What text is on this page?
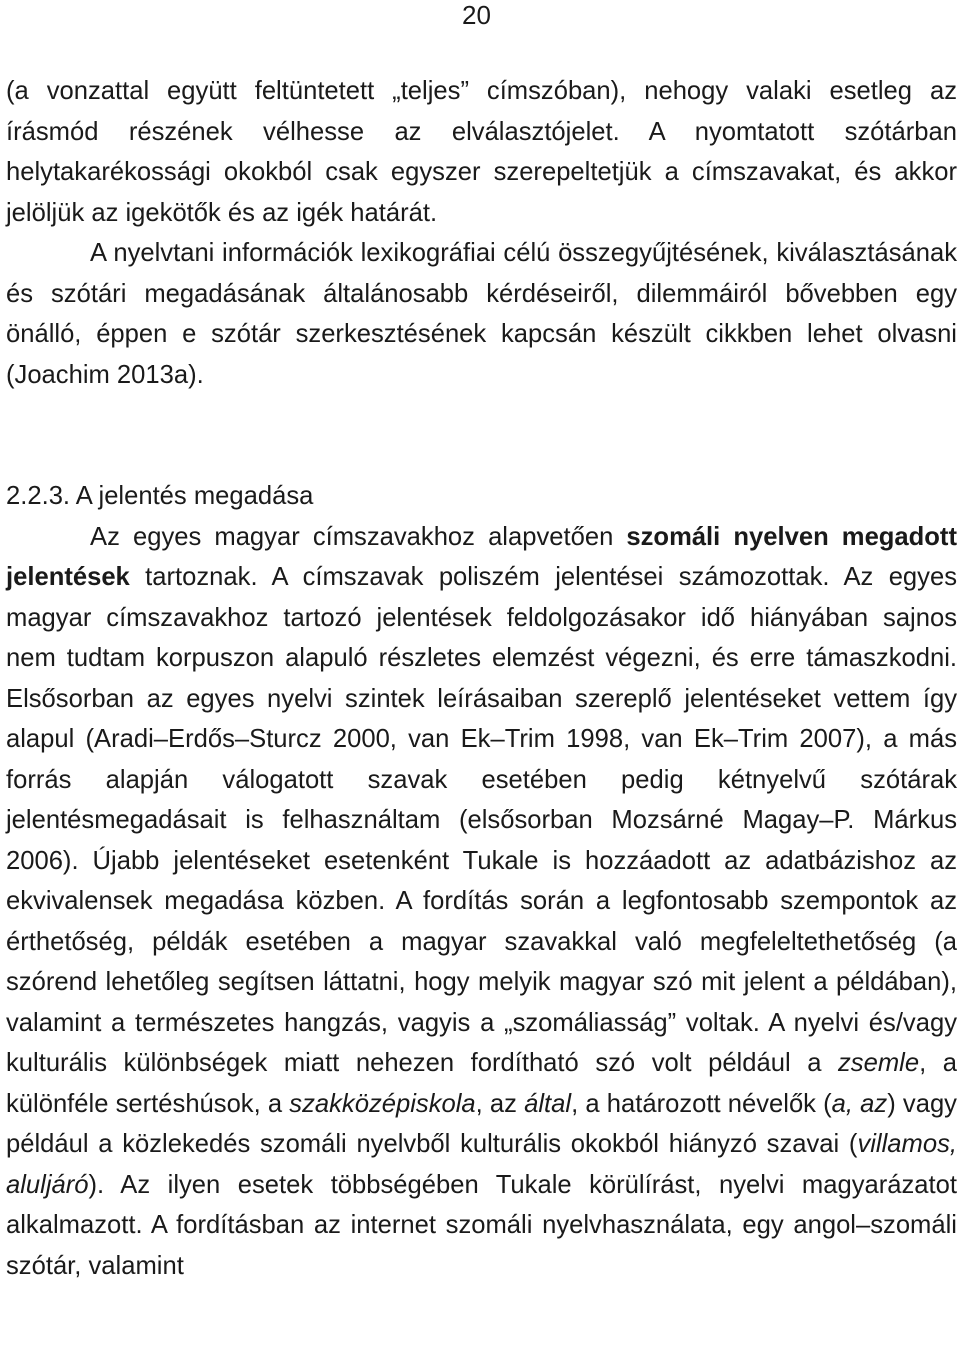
20

(a vonzattal együtt feltüntetett „teljes” címszóban), nehogy valaki esetleg az írásmód részének vélhesse az elválasztójelet. A nyomtatott szótárban helytakarékossági okokból csak egyszer szerepeltetjük a címszavakat, és akkor jelöljük az igekötők és az igék határát.

A nyelvtani információk lexikográfiai célú összegyűjtésének, kiválasztásának és szótári megadásának általánosabb kérdéseiről, dilemmáiról bővebben egy önálló, éppen e szótár szerkesztésének kapcsán készült cikkben lehet olvasni (Joachim 2013a).

2.2.3. A jelentés megadása

Az egyes magyar címszavakhoz alapvetően szomáli nyelven megadott jelentések tartoznak. A címszavak poliszém jelentései számozottak. Az egyes magyar címszavakhoz tartozó jelentések feldolgozásakor idő hiányában sajnos nem tudtam korpuszon alapuló részletes elemzést végezni, és erre támaszkodni. Elsősorban az egyes nyelvi szintek leírásaiban szereplő jelentéseket vettem így alapul (Aradi–Erdős–Sturcz 2000, van Ek–Trim 1998, van Ek–Trim 2007), a más forrás alapján válogatott szavak esetében pedig kétnyelvű szótárak jelentésmegadásait is felhasználtam (elsősorban Mozsárné Magay–P. Márkus 2006). Újabb jelentéseket esetenként Tukale is hozzáadott az adatbázishoz az ekvivalensek megadása közben. A fordítás során a legfontosabb szempontok az érthetőség, példák esetében a magyar szavakkal való megfeleltethetőség (a szórend lehetőleg segítsen láttatni, hogy melyik magyar szó mit jelent a példában), valamint a természetes hangzás, vagyis a „szomáliasság” voltak. A nyelvi és/vagy kulturális különbségek miatt nehezen fordítható szó volt például a zsemle, a különféle sertéshúsok, a szakközépiskola, az által, a határozott névelők (a, az) vagy például a közlekedés szomáli nyelvből kulturális okokból hiányzó szavai (villamos, aluljáró). Az ilyen esetek többségében Tukale körülírást, nyelvi magyarázatot alkalmazott. A fordításban az internet szomáli nyelvhasználata, egy angol–szomáli szótár, valamint
